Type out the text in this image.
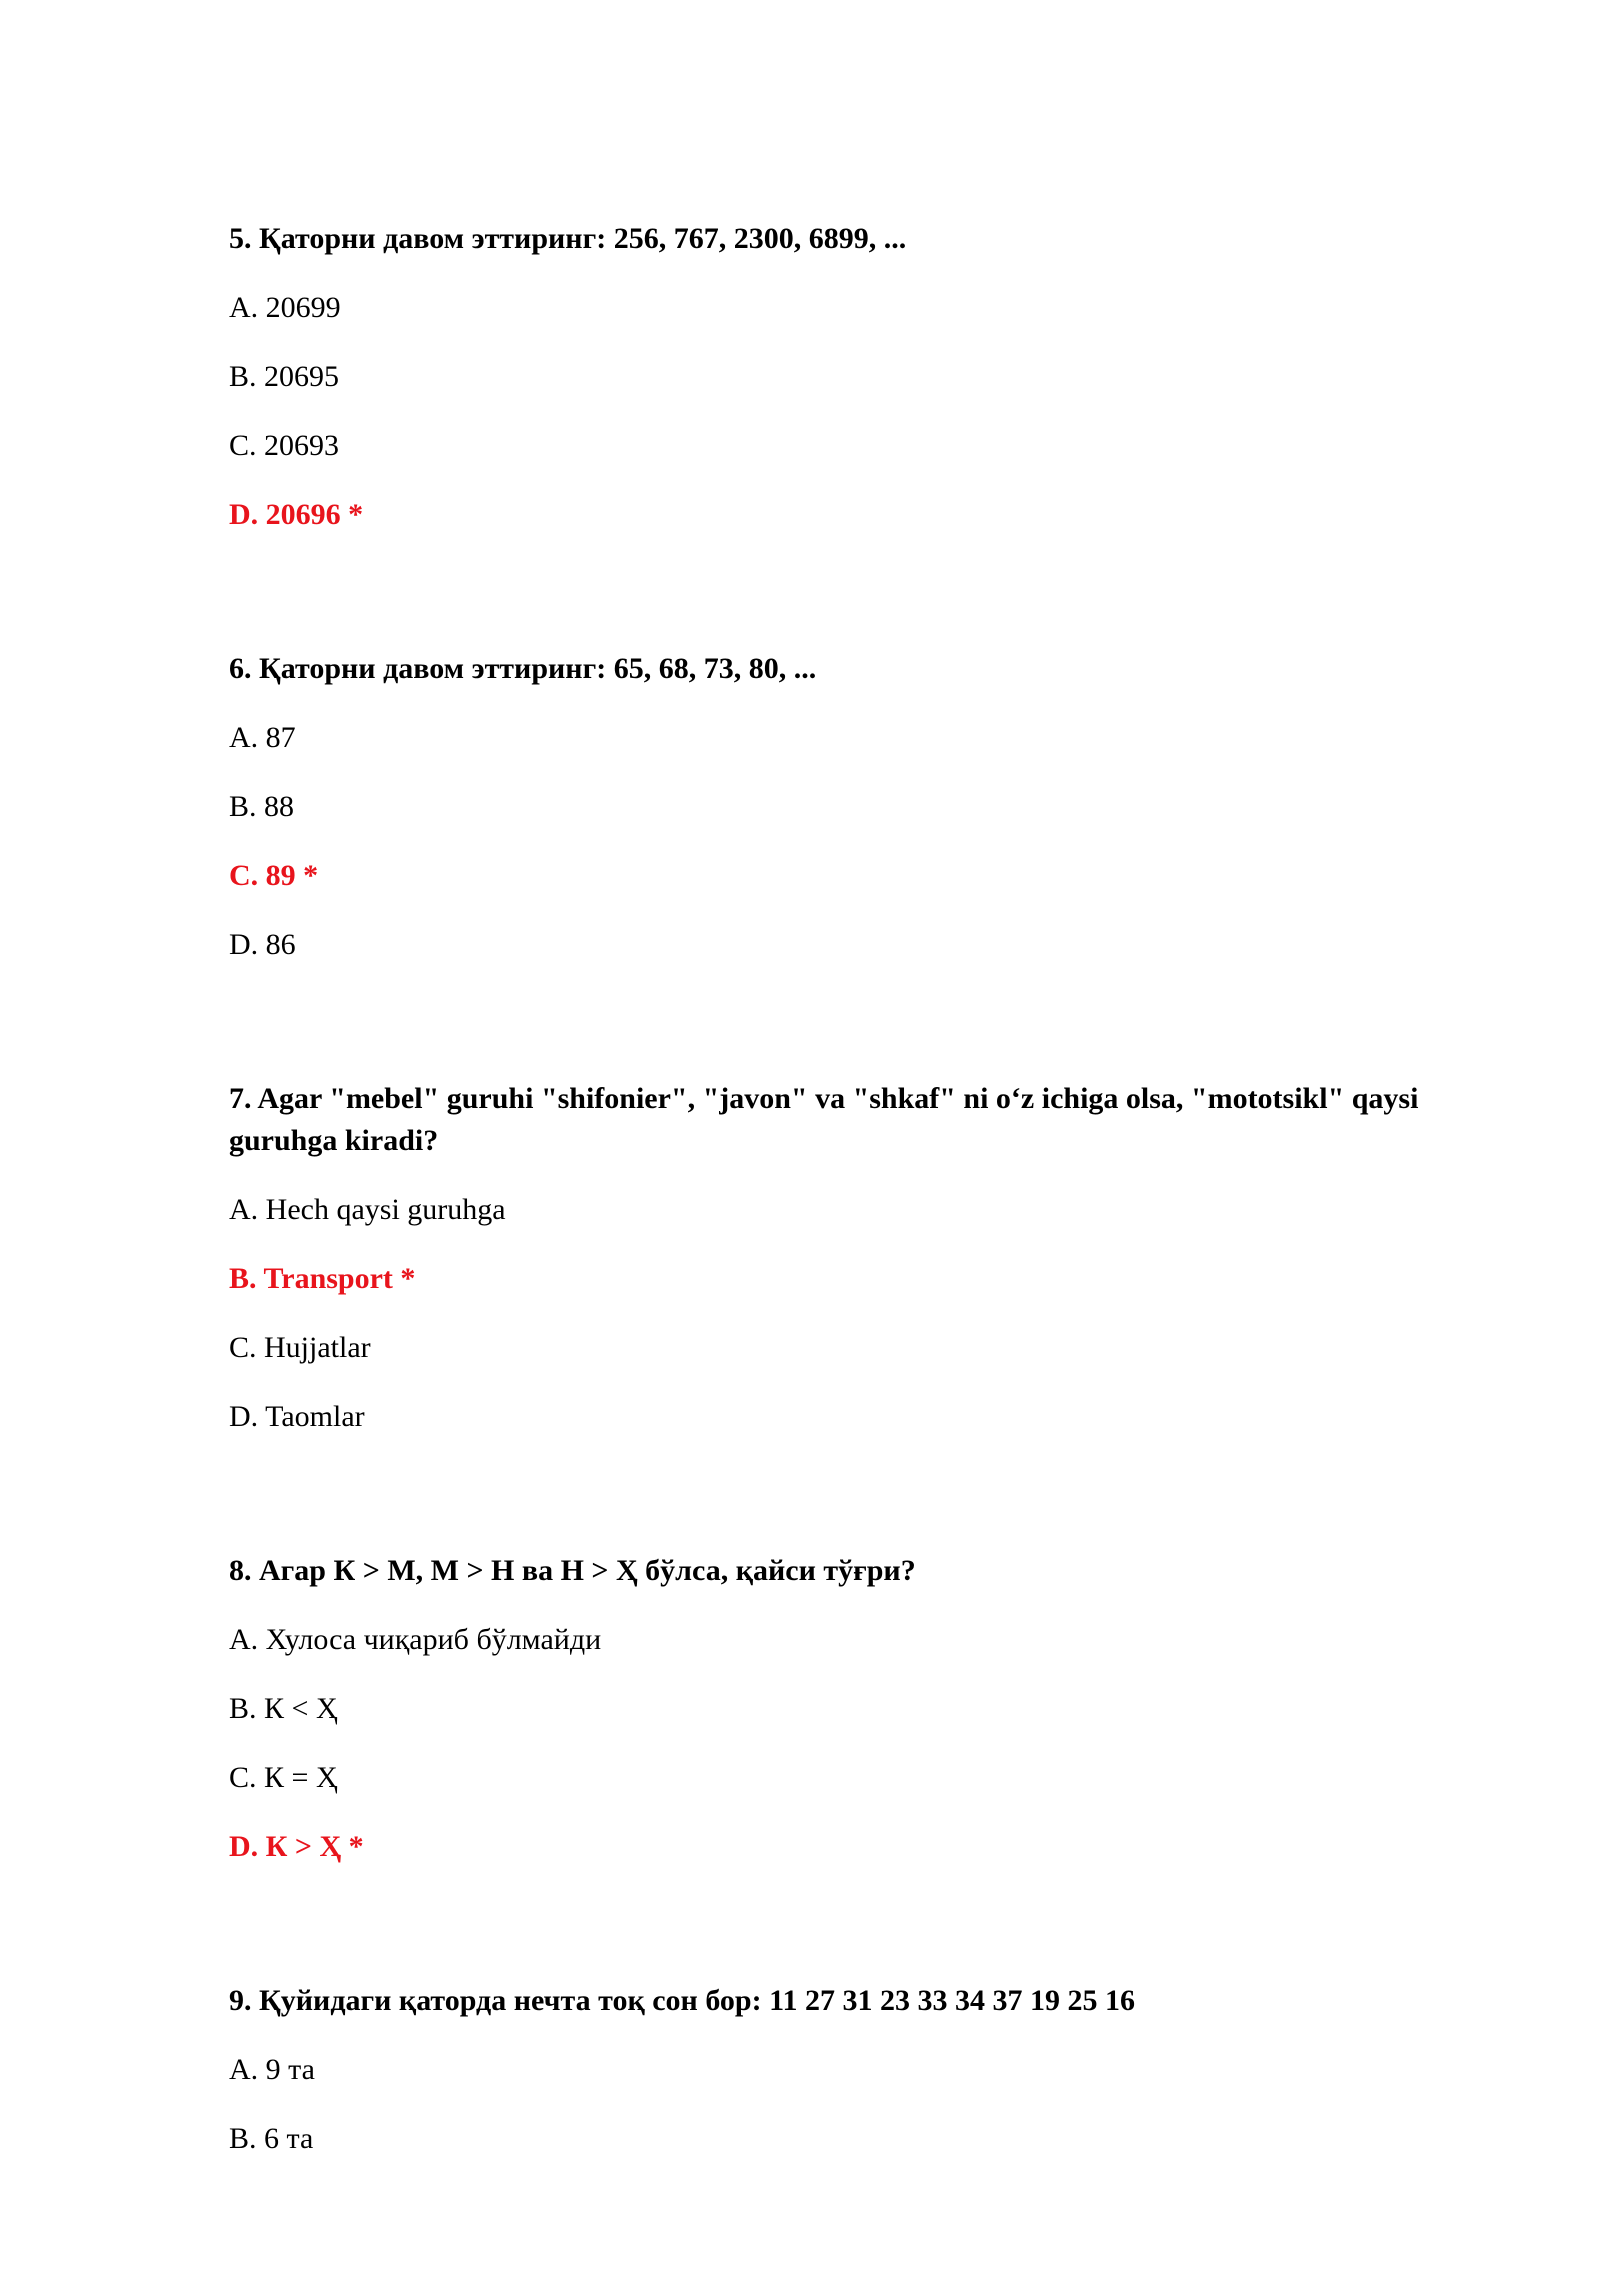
5. Қаторни давом эттиринг: 256, 767, 2300, 6899, ...
A. 20699
B. 20695
C. 20693
D. 20696 *
6. Қаторни давом эттиринг: 65, 68, 73, 80, ...
A. 87
B. 88
C. 89 *
D. 86
7. Agar "mebel" guruhi "shifonier", "javon" va "shkaf" ni oʻz ichiga olsa, "mototsikl" qaysi guruhga kiradi?
A. Hech qaysi guruhga
B. Transport *
C. Hujjatlar
D. Taomlar
8. Агар К > М, М > Н ва Н > Ҳ бўлса, қайси тўғри?
A. Хулоса чиқариб бўлмайди
B. К < Ҳ
C. К = Ҳ
D. К > Ҳ *
9. Қуйидаги қаторда нечта тоқ сон бор: 11 27 31 23 33 34 37 19 25 16
A. 9 та
B. 6 та
